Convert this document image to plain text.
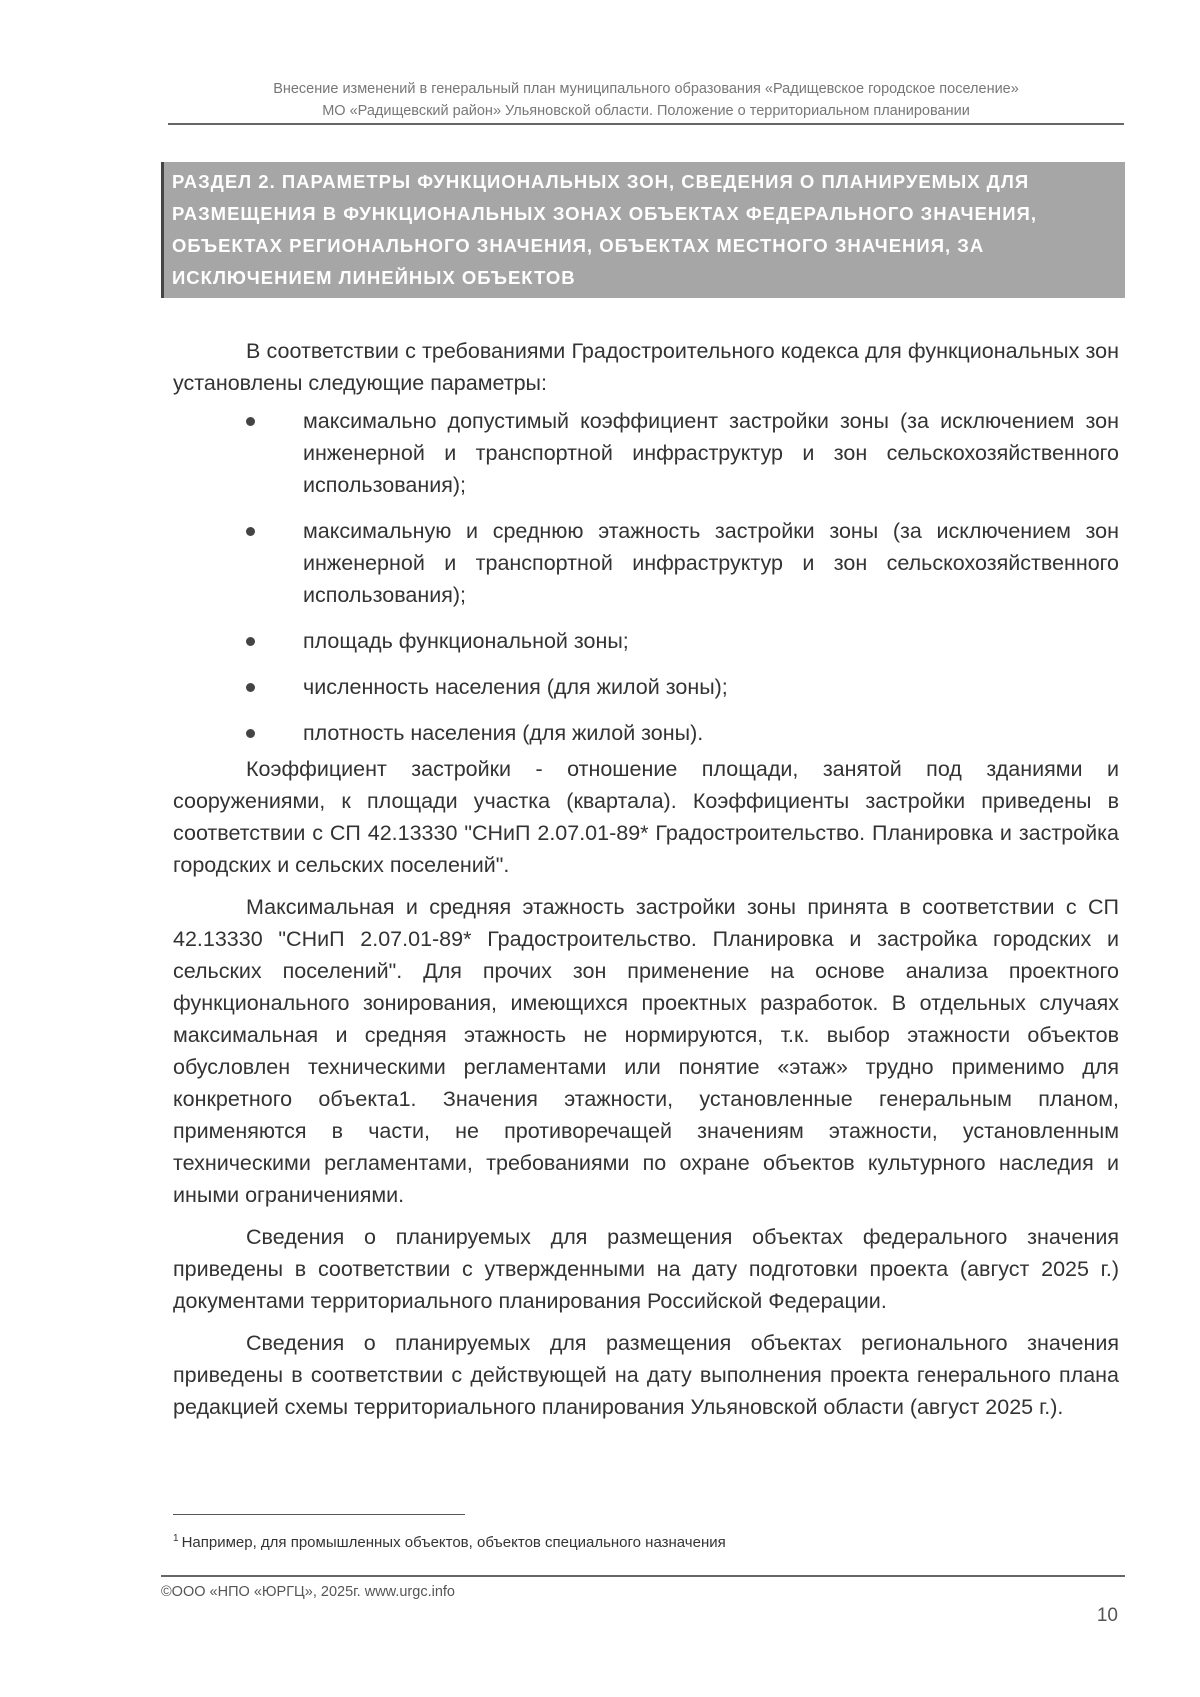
Внесение изменений в генеральный план муниципального образования «Радищевское городское поселение»
МО «Радищевский район» Ульяновской области. Положение о территориальном планировании
РАЗДЕЛ 2. ПАРАМЕТРЫ ФУНКЦИОНАЛЬНЫХ ЗОН, СВЕДЕНИЯ О ПЛАНИРУЕМЫХ ДЛЯ РАЗМЕЩЕНИЯ В ФУНКЦИОНАЛЬНЫХ ЗОНАХ ОБЪЕКТАХ ФЕДЕРАЛЬНОГО ЗНАЧЕНИЯ, ОБЪЕКТАХ РЕГИОНАЛЬНОГО ЗНАЧЕНИЯ, ОБЪЕКТАХ МЕСТНОГО ЗНАЧЕНИЯ, ЗА ИСКЛЮЧЕНИЕМ ЛИНЕЙНЫХ ОБЪЕКТОВ

В соответствии с требованиями Градостроительного кодекса для функциональных зон установлены следующие параметры:

максимально допустимый коэффициент застройки зоны (за исключением зон инженерной и транспортной инфраструктур и зон сельскохозяйственного использования);
максимальную и среднюю этажность застройки зоны (за исключением зон инженерной и транспортной инфраструктур и зон сельскохозяйственного использования);
площадь функциональной зоны;
численность населения (для жилой зоны);
плотность населения (для жилой зоны).

Коэффициент застройки - отношение площади, занятой под зданиями и сооружениями, к площади участка (квартала). Коэффициенты застройки приведены в соответствии с СП 42.13330 "СНиП 2.07.01-89* Градостроительство. Планировка и застройка городских и сельских поселений".

Максимальная и средняя этажность застройки зоны принята в соответствии с СП 42.13330 "СНиП 2.07.01-89* Градостроительство. Планировка и застройка городских и сельских поселений". Для прочих зон применение на основе анализа проектного функционального зонирования, имеющихся проектных разработок. В отдельных случаях максимальная и средняя этажность не нормируются, т.к. выбор этажности объектов обусловлен техническими регламентами или понятие «этаж» трудно применимо для конкретного объекта1. Значения этажности, установленные генеральным планом, применяются в части, не противоречащей значениям этажности, установленным техническими регламентами, требованиями по охране объектов культурного наследия и иными ограничениями.

Сведения о планируемых для размещения объектах федерального значения приведены в соответствии с утвержденными на дату подготовки проекта (август 2025 г.) документами территориального планирования Российской Федерации.

Сведения о планируемых для размещения объектах регионального значения приведены в соответствии с действующей на дату выполнения проекта генерального плана редакцией схемы территориального планирования Ульяновской области (август 2025 г.).

$^1$ Например, для промышленных объектов, объектов специального назначения
©ООО «НПО «ЮРГЦ», 2025г. www.urgc.info
10
